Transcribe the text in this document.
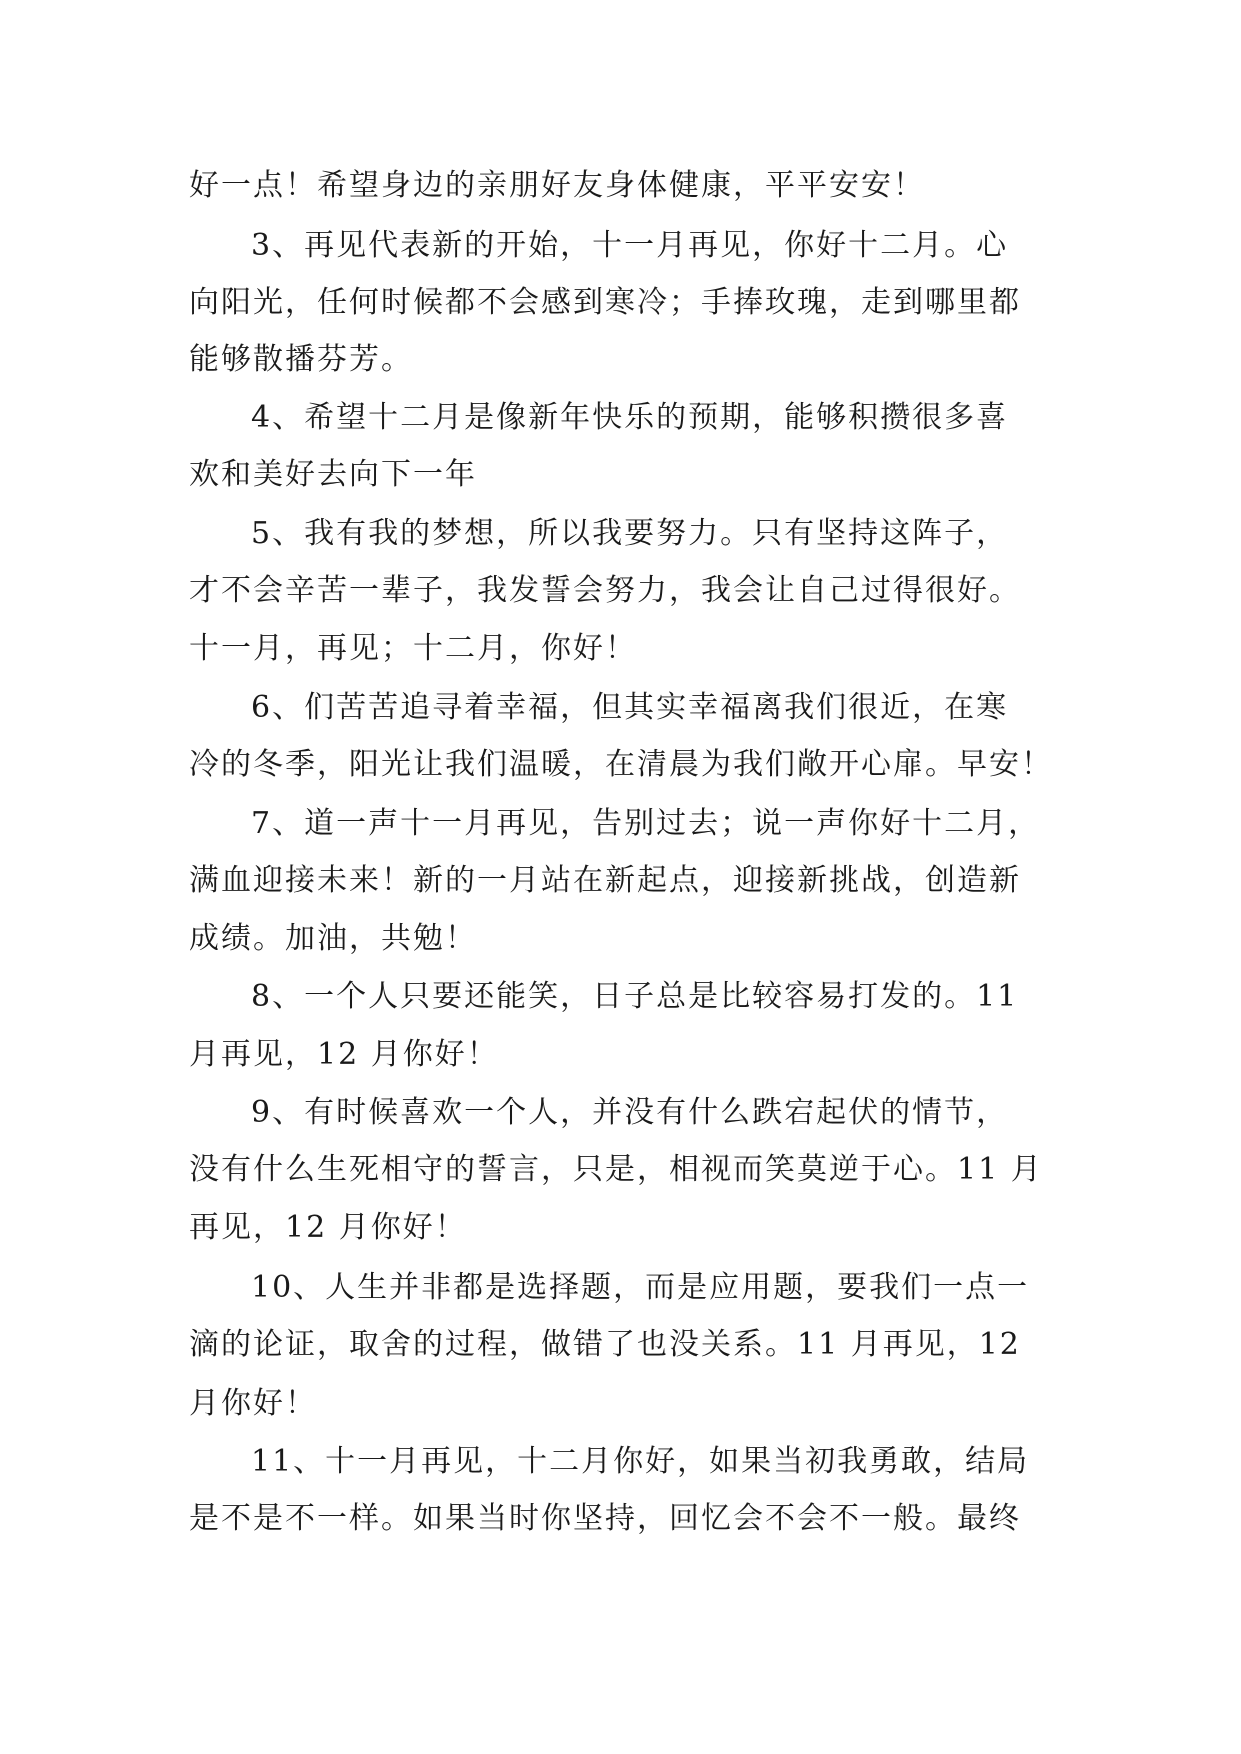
好一点！希望身边的亲朋好友身体健康，平平安安！
3、再见代表新的开始，十一月再见，你好十二月。心
向阳光，任何时候都不会感到寒冷；手捧玫瑰，走到哪里都
能够散播芬芳。
4、希望十二月是像新年快乐的预期，能够积攒很多喜
欢和美好去向下一年
5、我有我的梦想，所以我要努力。只有坚持这阵子，
才不会辛苦一辈子，我发誓会努力，我会让自己过得很好。
十一月，再见；十二月，你好！
6、们苦苦追寻着幸福，但其实幸福离我们很近，在寒
冷的冬季，阳光让我们温暖，在清晨为我们敞开心扉。早安！
7、道一声十一月再见，告别过去；说一声你好十二月，
满血迎接未来！新的一月站在新起点，迎接新挑战，创造新
成绩。加油，共勉！
8、一个人只要还能笑，日子总是比较容易打发的。11
月再见，12 月你好！
9、有时候喜欢一个人，并没有什么跌宕起伏的情节，
没有什么生死相守的誓言，只是，相视而笑莫逆于心。11 月
再见，12 月你好！
10、人生并非都是选择题，而是应用题，要我们一点一
滴的论证，取舍的过程，做错了也没关系。11 月再见，12
月你好！
11、十一月再见，十二月你好，如果当初我勇敢，结局
是不是不一样。如果当时你坚持，回忆会不会不一般。最终
